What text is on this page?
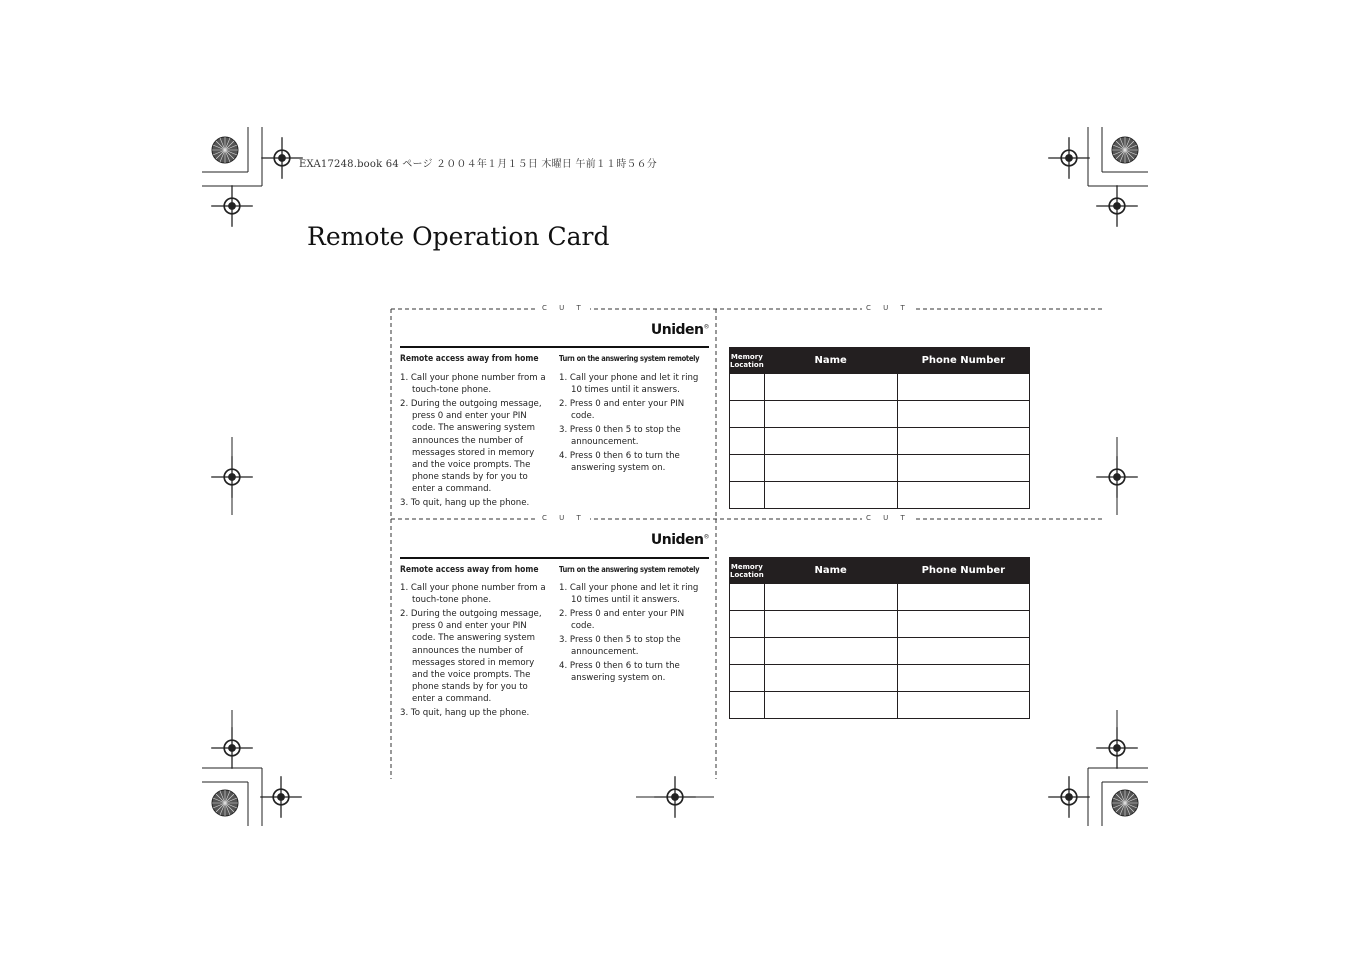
EXA17248.book 64 ページ ２００４年１月１５日 木曜日 午前１１時５６分
Remote Operation Card
C U T	C U T
C U T	C U T
Uniden®
Remote access away from home	Turn on the answering system remotely
1. Call your phone number from a touch-tone phone.
2. During the outgoing message, press 0 and enter your PIN code. The answering system announces the number of messages stored in memory and the voice prompts. The phone stands by for you to enter a command.
3. To quit, hang up the phone.
1. Call your phone and let it ring 10 times until it answers.
2. Press 0 and enter your PIN code.
3. Press 0 then 5 to stop the announcement.
4. Press 0 then 6 to turn the answering system on.
Memory
Location	Name	Phone Number

Uniden®
Remote access away from home	Turn on the answering system remotely
1. Call your phone number from a touch-tone phone.
2. During the outgoing message, press 0 and enter your PIN code. The answering system announces the number of messages stored in memory and the voice prompts. The phone stands by for you to enter a command.
3. To quit, hang up the phone.
1. Call your phone and let it ring 10 times until it answers.
2. Press 0 and enter your PIN code.
3. Press 0 then 5 to stop the announcement.
4. Press 0 then 6 to turn the answering system on.
Memory
Location	Name	Phone Number
